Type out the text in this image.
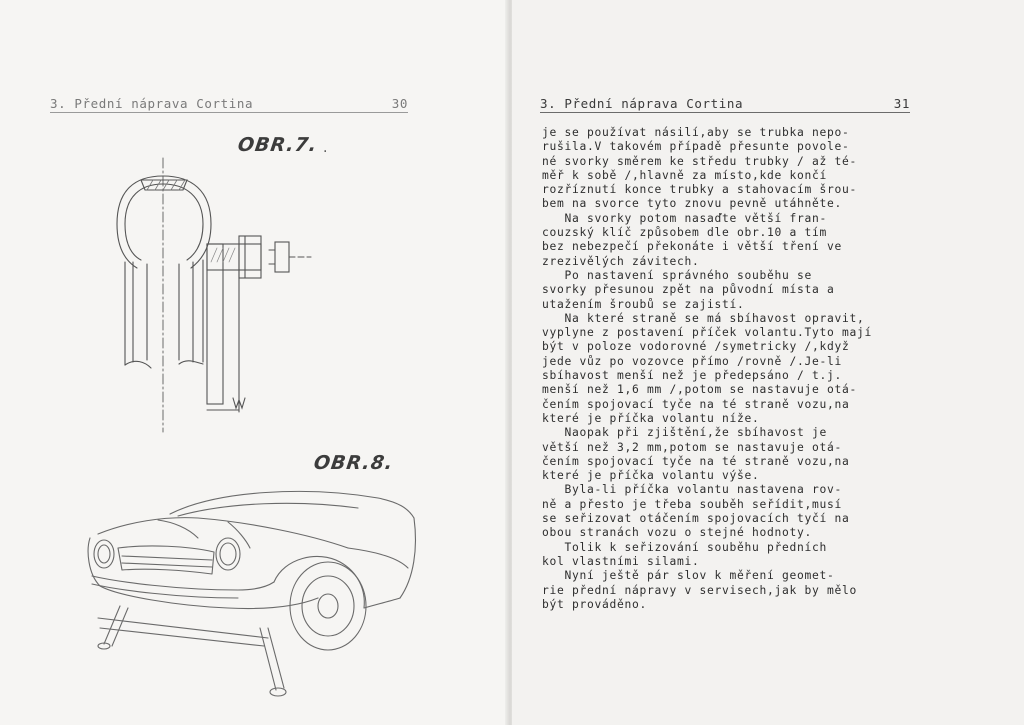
3. Přední náprava Cortina	30
OBR.7. .
OBR.8.
3. Přední náprava Cortina	31
je se používat násilí,aby se trubka nepo-
rušila.V takovém případě přesunte povole-
né svorky směrem ke středu trubky / až té-
měř k sobě /,hlavně za místo,kde končí
rozříznutí konce trubky a stahovacím šrou-
bem na svorce tyto znovu pevně utáhněte.
Na svorky potom nasaďte větší fran-
couzský klíč způsobem dle obr.10 a tím
bez nebezpečí překonáte i větší tření ve
zrezivělých závitech.
Po nastavení správného souběhu se
svorky přesunou zpět na původní místa a
utažením šroubů se zajistí.
Na které straně se má sbíhavost opravit,
vyplyne z postavení příček volantu.Tyto mají
být v poloze vodorovné /symetricky /,když
jede vůz po vozovce přímo /rovně /.Je-li
sbíhavost menší než je předepsáno / t.j.
menší než 1,6 mm /,potom se nastavuje otá-
čením spojovací tyče na té straně vozu,na
které je příčka volantu níže.
Naopak při zjištění,že sbíhavost je
větší než 3,2 mm,potom se nastavuje otá-
čením spojovací tyče na té straně vozu,na
které je příčka volantu výše.
Byla-li příčka volantu nastavena rov-
ně a přesto je třeba souběh seřídit,musí
se seřizovat otáčením spojovacích tyčí na
obou stranách vozu o stejné hodnoty.
Tolik k seřizování souběhu předních
kol vlastními silami.
Nyní ještě pár slov k měření geomet-
rie přední nápravy v servisech,jak by mělo
být prováděno.
